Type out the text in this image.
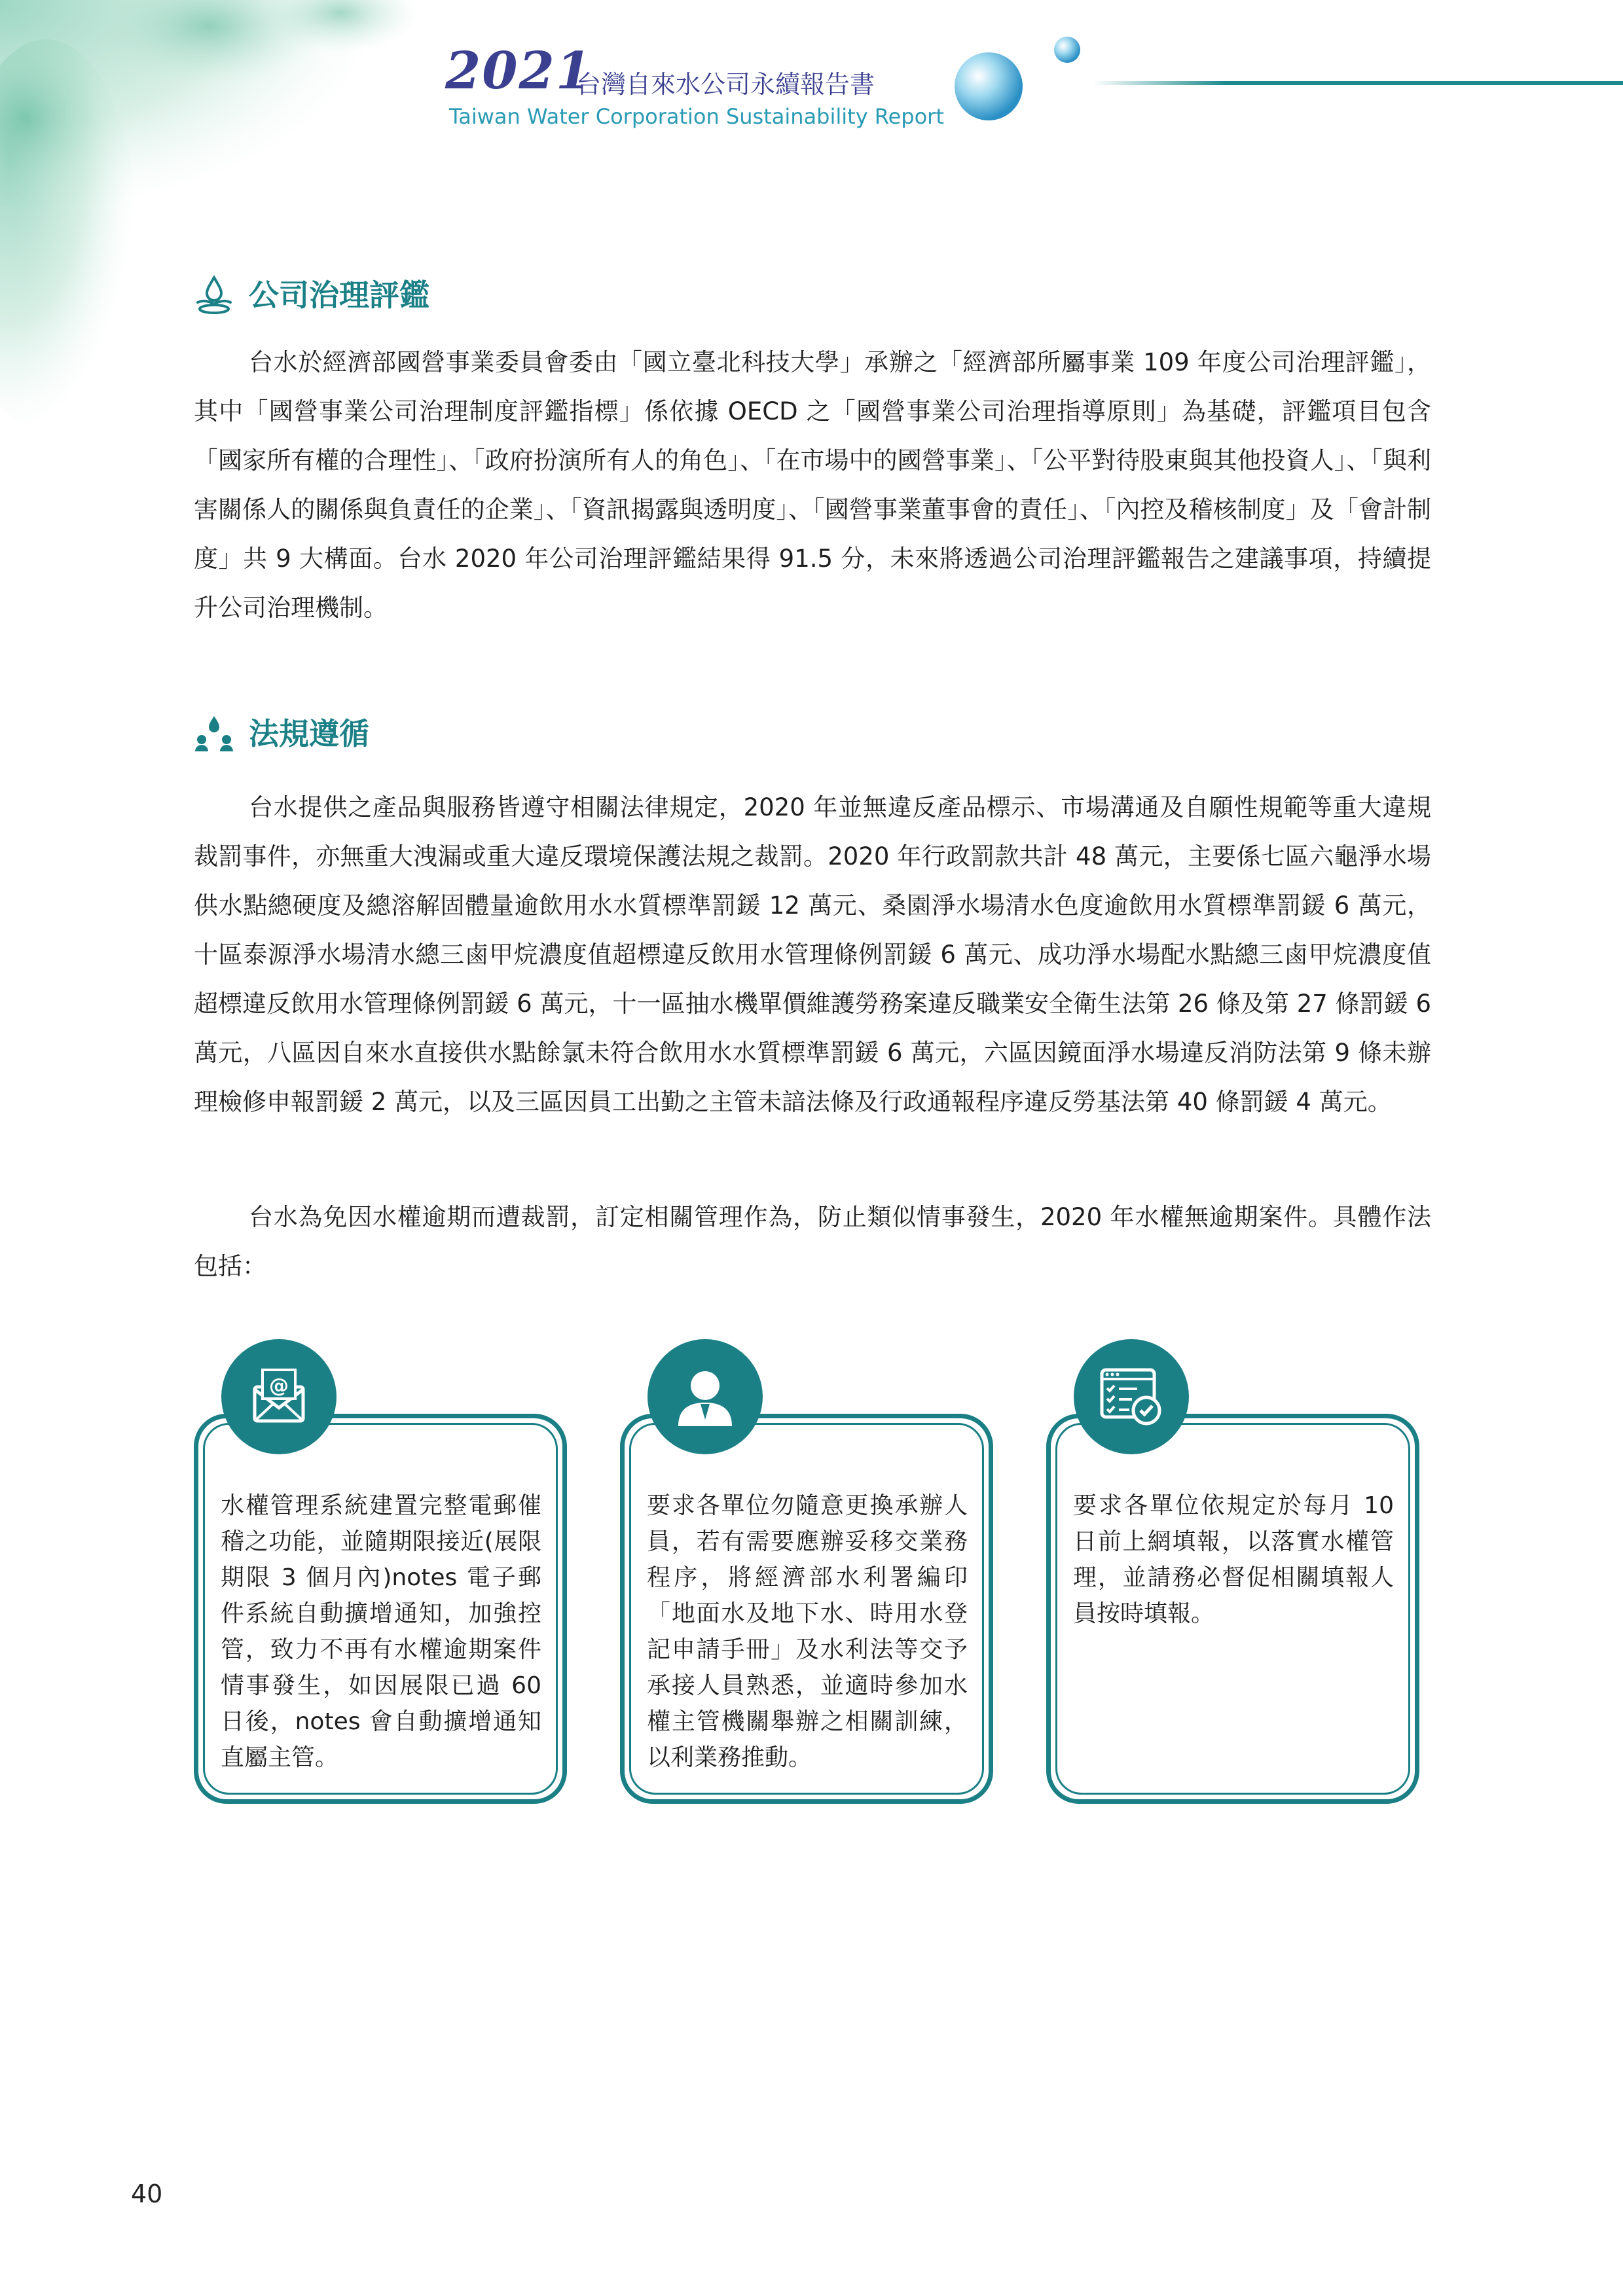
2021
台灣自來水公司永續報告書
Taiwan Water Corporation Sustainability Report
公司治理評鑑

台水於經濟部國營事業委員會委由「國立臺北科技大學」承辦之「經濟部所屬事業 109 年度公司治理評鑑」，其中「國營事業公司治理制度評鑑指標」係依據 OECD 之「國營事業公司治理指導原則」為基礎，評鑑項目包含「國家所有權的合理性」、「政府扮演所有人的角色」、「在市場中的國營事業」、「公平對待股東與其他投資人」、「與利害關係人的關係與負責任的企業」、「資訊揭露與透明度」、「國營事業董事會的責任」、「內控及稽核制度」及「會計制度」共 9 大構面。台水 2020 年公司治理評鑑結果得 91.5 分，未來將透過公司治理評鑑報告之建議事項，持續提升公司治理機制。

法規遵循

台水提供之產品與服務皆遵守相關法律規定，2020 年並無違反產品標示、市場溝通及自願性規範等重大違規裁罰事件，亦無重大洩漏或重大違反環境保護法規之裁罰。2020 年行政罰款共計 48 萬元，主要係七區六龜淨水場供水點總硬度及總溶解固體量逾飲用水水質標準罰鍰 12 萬元、桑園淨水場清水色度逾飲用水質標準罰鍰 6 萬元，十區泰源淨水場清水總三鹵甲烷濃度值超標違反飲用水管理條例罰鍰 6 萬元、成功淨水場配水點總三鹵甲烷濃度值超標違反飲用水管理條例罰鍰 6 萬元，十一區抽水機單價維護勞務案違反職業安全衛生法第 26 條及第 27 條罰鍰 6 萬元，八區因自來水直接供水點餘氯未符合飲用水水質標準罰鍰 6 萬元，六區因鏡面淨水場違反消防法第 9 條未辦理檢修申報罰鍰 2 萬元，以及三區因員工出勤之主管未諳法條及行政通報程序違反勞基法第 40 條罰鍰 4 萬元。

台水為免因水權逾期而遭裁罰，訂定相關管理作為，防止類似情事發生，2020 年水權無逾期案件。具體作法包括：

@
水權管理系統建置完整電郵催稽之功能，並隨期限接近(展限期限 3 個月內)notes 電子郵件系統自動擴增通知，加強控管，致力不再有水權逾期案件情事發生，如因展限已過 60 日後，notes 會自動擴增通知直屬主管。
要求各單位勿隨意更換承辦人員，若有需要應辦妥移交業務程序，將經濟部水利署編印「地面水及地下水、時用水登記申請手冊」及水利法等交予承接人員熟悉，並適時參加水權主管機關舉辦之相關訓練，以利業務推動。
要求各單位依規定於每月 10 日前上網填報，以落實水權管理，並請務必督促相關填報人員按時填報。
40
